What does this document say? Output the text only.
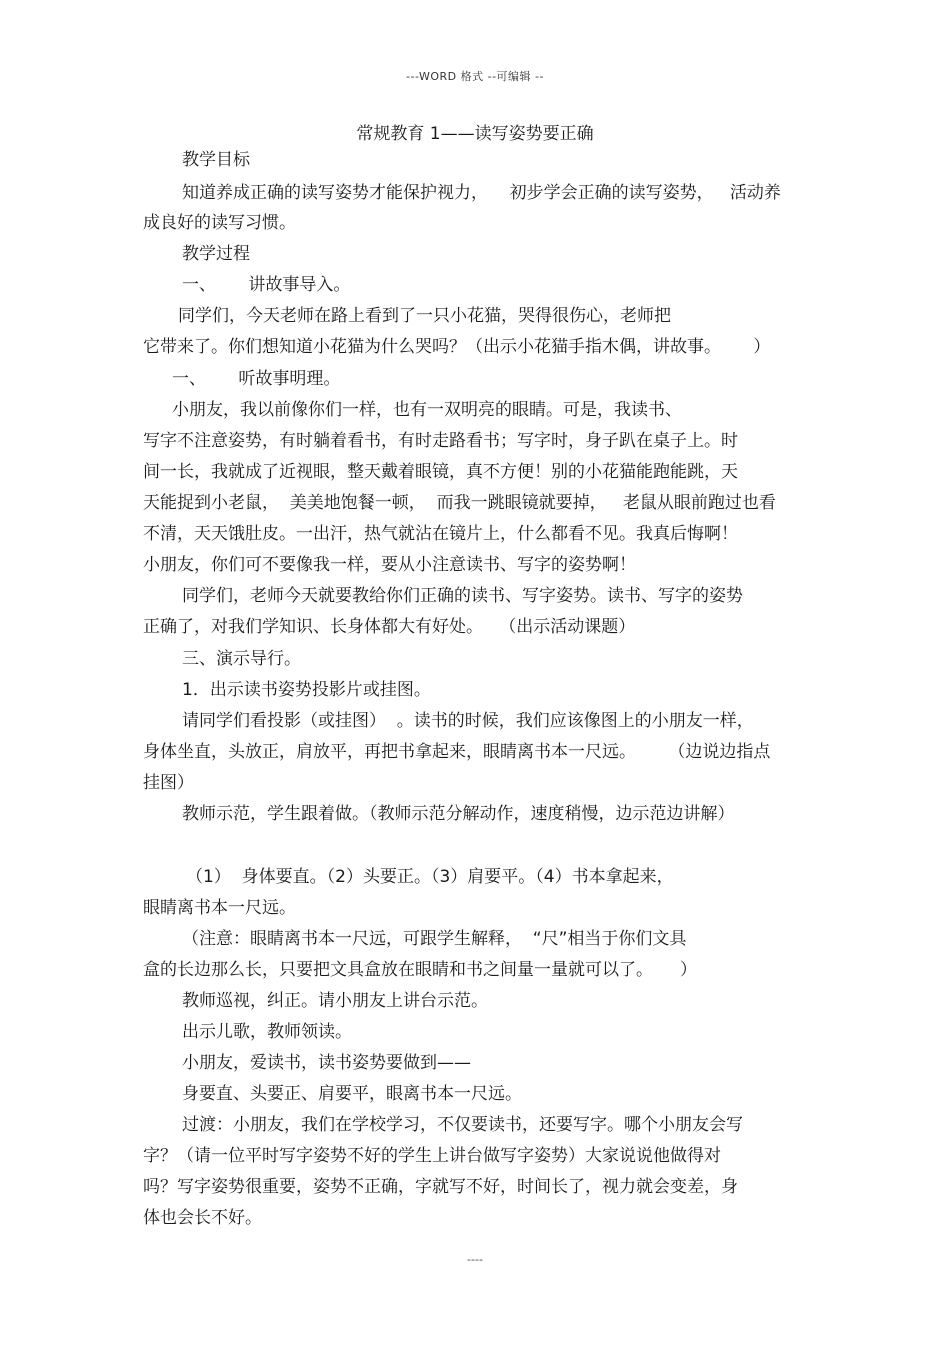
---WORD 格式 --可编辑 --
常规教育 1——读写姿势要正确
教学目标
知道养成正确的读写姿势才能保护视力，    初步学会正确的读写姿势，   活动养
成良好的读写习惯。
教学过程
一、      讲故事导入。
同学们，今天老师在路上看到了一只小花猫，哭得很伤心，老师把
它带来了。你们想知道小花猫为什么哭吗？（出示小花猫手指木偶，讲故事。      ）
一、      听故事明理。
小朋友，我以前像你们一样，也有一双明亮的眼睛。可是，我读书、
写字不注意姿势，有时躺着看书，有时走路看书；写字时，身子趴在桌子上。时
间一长，我就成了近视眼，整天戴着眼镜，真不方便！别的小花猫能跑能跳，天
天能捉到小老鼠，  美美地饱餐一顿，  而我一跳眼镜就要掉，   老鼠从眼前跑过也看
不清，天天饿肚皮。一出汗，热气就沾在镜片上，什么都看不见。我真后悔啊！
小朋友，你们可不要像我一样，要从小注意读书、写字的姿势啊！
同学们，老师今天就要教给你们正确的读书、写字姿势。读书、写字的姿势
正确了，对我们学知识、长身体都大有好处。   （出示活动课题）
三、演示导行。
1．出示读书姿势投影片或挂图。
请同学们看投影（或挂图）  。读书的时候，我们应该像图上的小朋友一样，
身体坐直，头放正，肩放平，再把书拿起来，眼睛离书本一尺远。      （边说边指点
挂图）
教师示范，学生跟着做。（教师示范分解动作，速度稍慢，边示范边讲解）
（1）  身体要直。（2）头要正。（3）肩要平。（4）书本拿起来，
眼睛离书本一尺远。
（注意：眼睛离书本一尺远，可跟学生解释，  “尺”相当于你们文具
盒的长边那么长，只要把文具盒放在眼睛和书之间量一量就可以了。     ）
教师巡视，纠正。请小朋友上讲台示范。
出示儿歌，教师领读。
小朋友，爱读书，读书姿势要做到——
身要直、头要正、肩要平，眼离书本一尺远。
过渡：小朋友，我们在学校学习，不仅要读书，还要写字。哪个小朋友会写
字？（请一位平时写字姿势不好的学生上讲台做写字姿势）大家说说他做得对
吗？写字姿势很重要，姿势不正确，字就写不好，时间长了，视力就会变差，身
体也会长不好。
----
